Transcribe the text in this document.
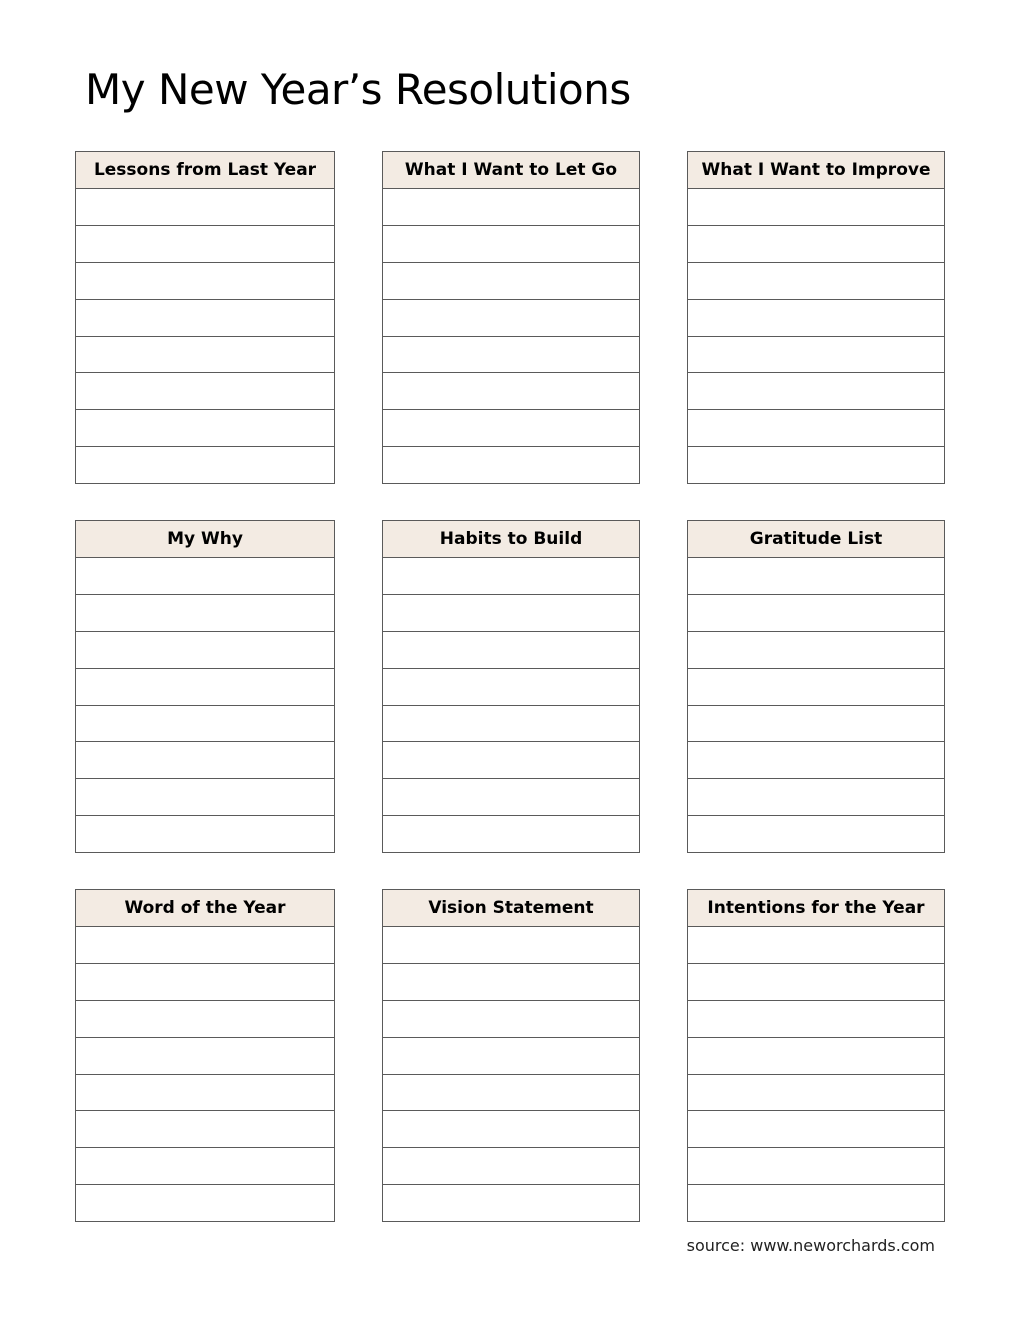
My New Year’s Resolutions
Lessons from Last Year	What I Want to Let Go	What I Want to Improve
My Why	Habits to Build	Gratitude List
Word of the Year	Vision Statement	Intentions for the Year
source: www.neworchards.com
